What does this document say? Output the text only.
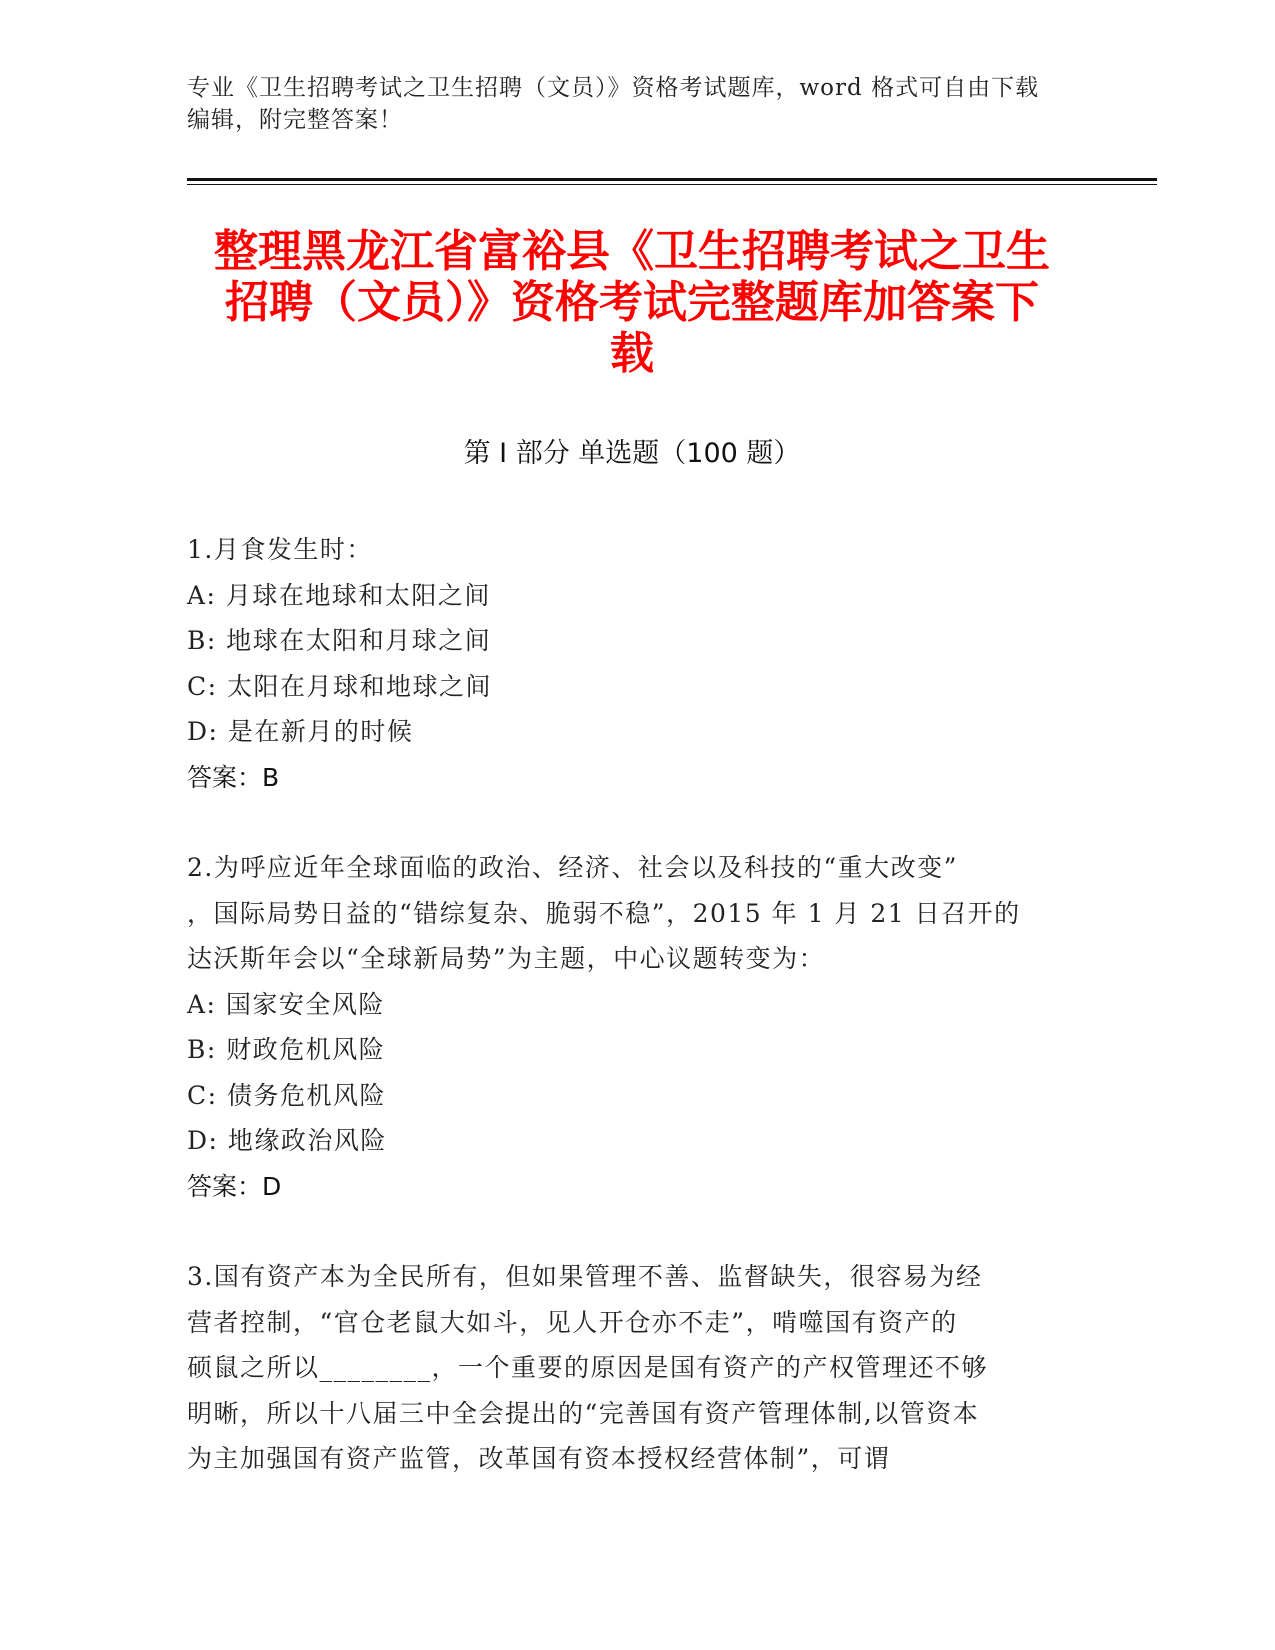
专业《卫生招聘考试之卫生招聘（文员）》资格考试题库，word 格式可自由下载
编辑，附完整答案！
整理黑龙江省富裕县《卫生招聘考试之卫生
招聘（文员）》资格考试完整题库加答案下
载
第 I 部分 单选题（100 题）
1.月食发生时：
A: 月球在地球和太阳之间
B: 地球在太阳和月球之间
C: 太阳在月球和地球之间
D: 是在新月的时候
答案：B
2.为呼应近年全球面临的政治、经济、社会以及科技的“重大改变”
，国际局势日益的“错综复杂、脆弱不稳”，2015 年 1 月 21 日召开的
达沃斯年会以“全球新局势”为主题，中心议题转变为：
A: 国家安全风险
B: 财政危机风险
C: 债务危机风险
D: 地缘政治风险
答案：D
3.国有资产本为全民所有，但如果管理不善、监督缺失，很容易为经
营者控制，“官仓老鼠大如斗，见人开仓亦不走”，啃噬国有资产的
硕鼠之所以________，一个重要的原因是国有资产的产权管理还不够
明晰，所以十八届三中全会提出的“完善国有资产管理体制,以管资本
为主加强国有资产监管，改革国有资本授权经营体制”，可谓
